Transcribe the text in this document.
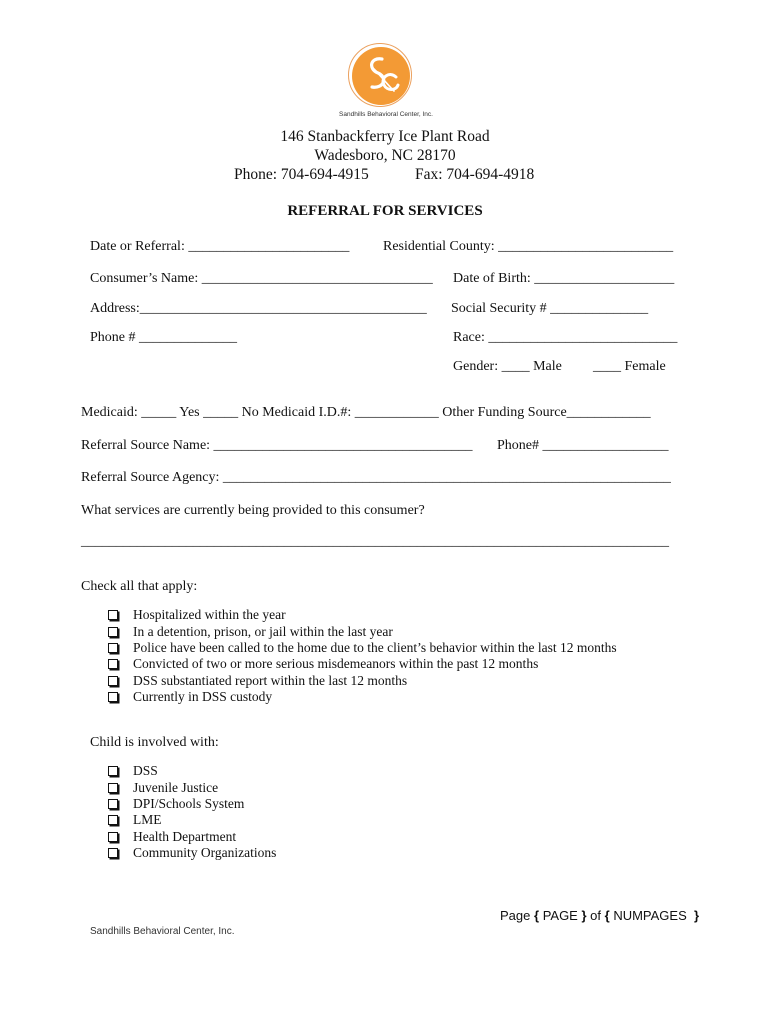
Sandhills Behavioral Center, Inc.
146 Stanbackferry Ice Plant Road
Wadesboro, NC 28170
Phone: 704-694-4915	Fax: 704-694-4918
REFERRAL FOR SERVICES
Date or Referral: _______________________ Residential County: _________________________
Consumer’s Name: _________________________________ Date of Birth: ____________________
Address:_________________________________________ Social Security # ______________
Phone # ______________	Race: ___________________________
Gender: ____ Male ____ Female
Medicaid: _____ Yes _____ No Medicaid I.D.#: ____________ Other Funding Source____________
Referral Source Name: _____________________________________ Phone# __________________
Referral Source Agency: ________________________________________________________________
What services are currently being provided to this consumer?
____________________________________________________________________________________
Check all that apply:
Hospitalized within the year
In a detention, prison, or jail within the last year
Police have been called to the home due to the client’s behavior within the last 12 months
Convicted of two or more serious misdemeanors within the past 12 months
DSS substantiated report within the last 12 months
Currently in DSS custody
Child is involved with:
DSS
Juvenile Justice
DPI/Schools System
LME
Health Department
Community Organizations
Page { PAGE } of { NUMPAGES }
Sandhills Behavioral Center, Inc.
